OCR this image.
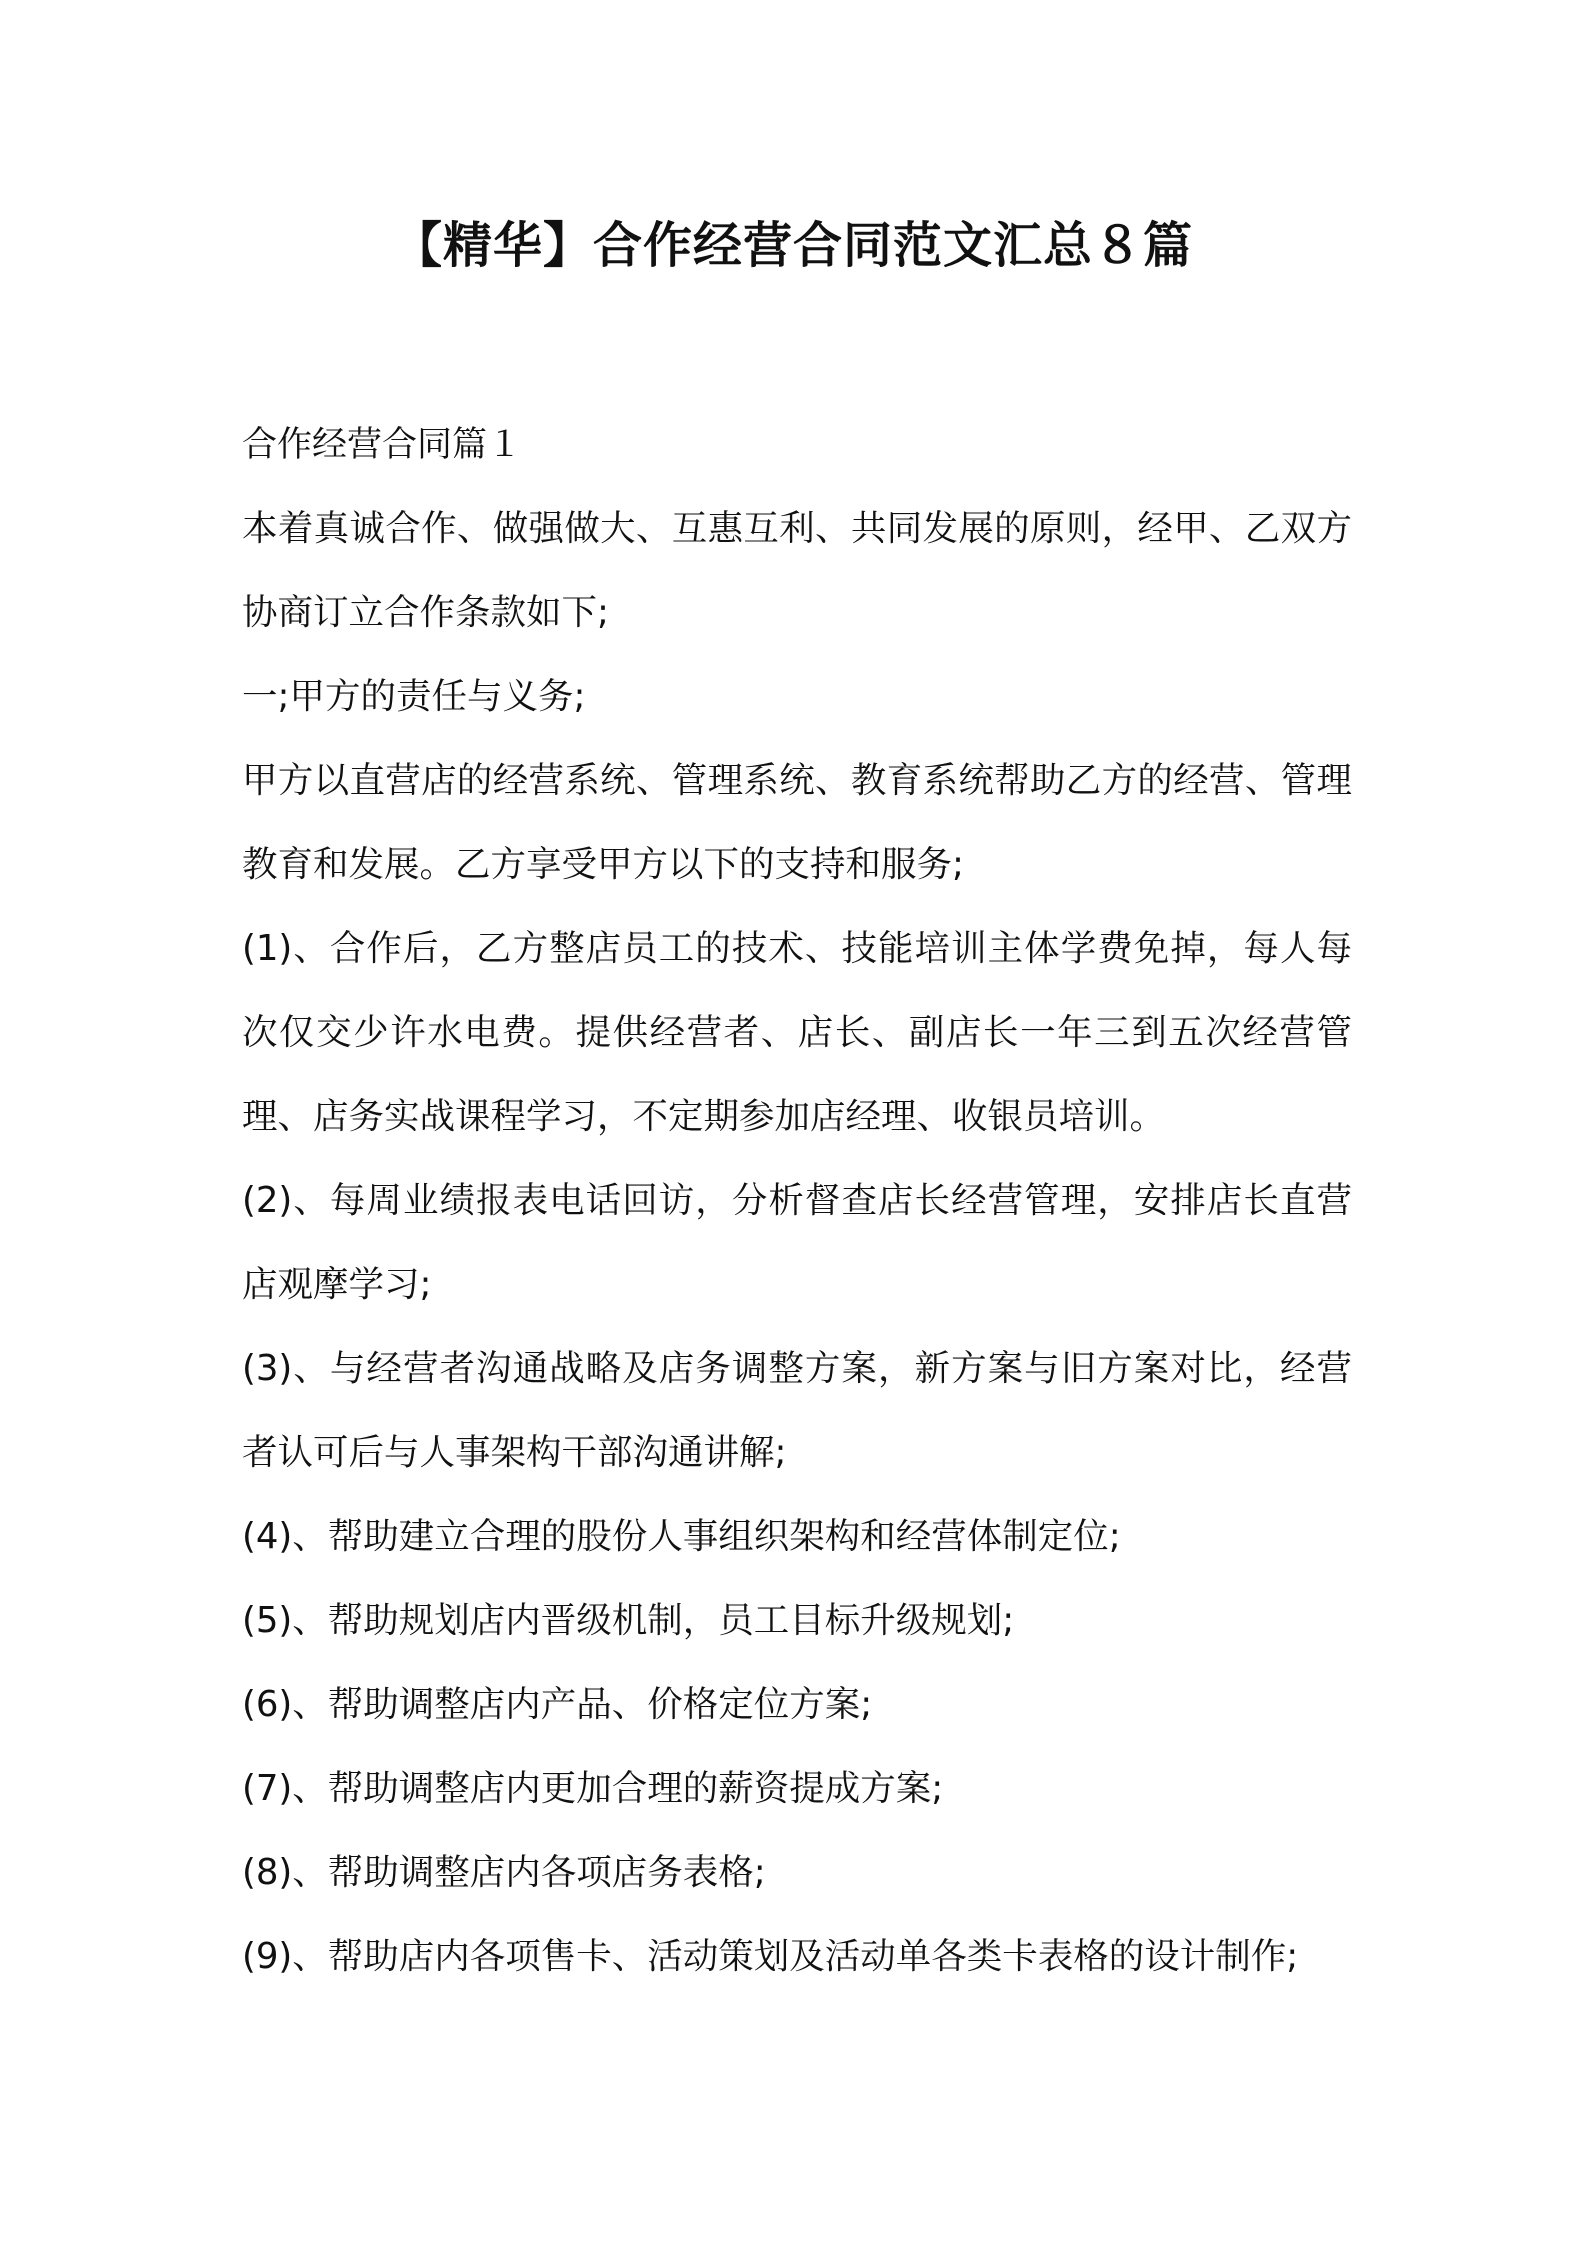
【精华】合作经营合同范文汇总８篇

合作经营合同篇１

本着真诚合作、做强做大、互惠互利、共同发展的原则，经甲、乙双方协商订立合作条款如下;

一;甲方的责任与义务;

甲方以直营店的经营系统、管理系统、教育系统帮助乙方的经营、管理教育和发展。乙方享受甲方以下的支持和服务;

(1)、合作后，乙方整店员工的技术、技能培训主体学费免掉，每人每次仅交少许水电费。提供经营者、店长、副店长一年三到五次经营管理、店务实战课程学习，不定期参加店经理、收银员培训。

(2)、每周业绩报表电话回访，分析督查店长经营管理，安排店长直营店观摩学习;

(3)、与经营者沟通战略及店务调整方案，新方案与旧方案对比，经营者认可后与人事架构干部沟通讲解;

(4)、帮助建立合理的股份人事组织架构和经营体制定位;

(5)、帮助规划店内晋级机制，员工目标升级规划;

(6)、帮助调整店内产品、价格定位方案;

(7)、帮助调整店内更加合理的薪资提成方案;

(8)、帮助调整店内各项店务表格;

(9)、帮助店内各项售卡、活动策划及活动单各类卡表格的设计制作;
